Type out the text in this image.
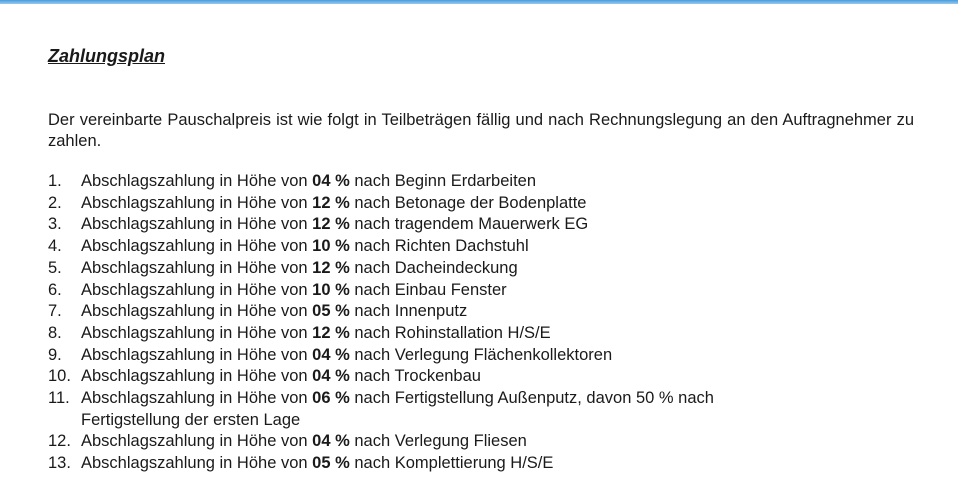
Zahlungsplan

Der vereinbarte Pauschalpreis ist wie folgt in Teilbeträgen fällig und nach Rechnungslegung an den Auftragnehmer zu zahlen.

1. Abschlagszahlung in Höhe von 04 % nach Beginn Erdarbeiten
2. Abschlagszahlung in Höhe von 12 % nach Betonage der Bodenplatte
3. Abschlagszahlung in Höhe von 12 % nach tragendem Mauerwerk EG
4. Abschlagszahlung in Höhe von 10 % nach Richten Dachstuhl
5. Abschlagszahlung in Höhe von 12 % nach Dacheindeckung
6. Abschlagszahlung in Höhe von 10 % nach Einbau Fenster
7. Abschlagszahlung in Höhe von 05 % nach Innenputz
8. Abschlagszahlung in Höhe von 12 % nach Rohinstallation H/S/E
9. Abschlagszahlung in Höhe von 04 % nach Verlegung Flächenkollektoren
10. Abschlagszahlung in Höhe von 04 % nach Trockenbau
11. Abschlagszahlung in Höhe von 06 % nach Fertigstellung Außenputz, davon 50 % nach Fertigstellung der ersten Lage
12. Abschlagszahlung in Höhe von 04 % nach Verlegung Fliesen
13. Abschlagszahlung in Höhe von 05 % nach Komplettierung H/S/E
